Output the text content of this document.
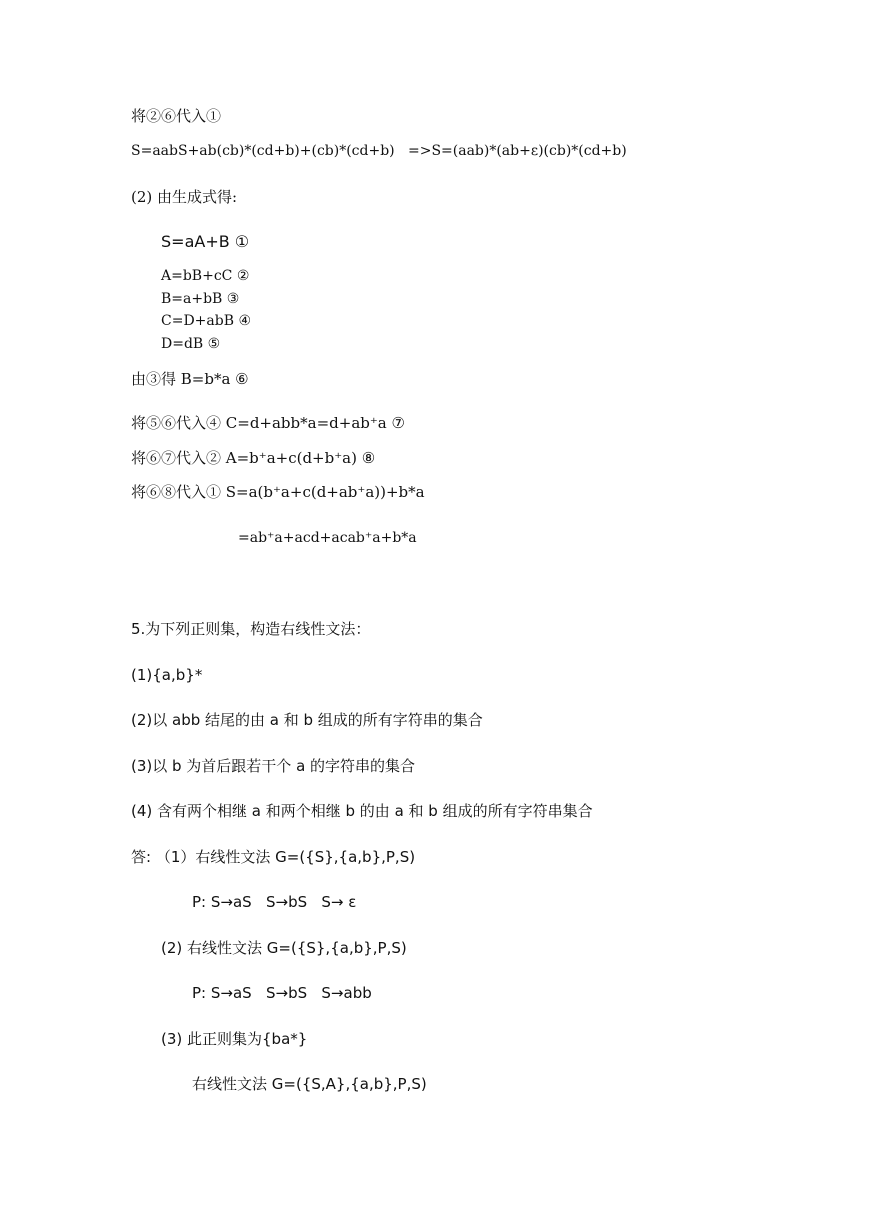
将②⑥代入①
S=aabS+ab(cb)*(cd+b)+(cb)*(cd+b)   =>S=(aab)*(ab+ε)(cb)*(cd+b)
(2) 由生成式得:
S=aA+B ①
A=bB+cC ②
B=a+bB ③
C=D+abB ④
D=dB ⑤
由③得 B=b*a ⑥
将⑤⑥代入④ C=d+abb*a=d+ab⁺a ⑦
将⑥⑦代入② A=b⁺a+c(d+b⁺a) ⑧
将⑥⑧代入① S=a(b⁺a+c(d+ab⁺a))+b*a
=ab⁺a+acd+acab⁺a+b*a
5.为下列正则集，构造右线性文法：
(1){a,b}*
(2)以 abb 结尾的由 a 和 b 组成的所有字符串的集合
(3)以 b 为首后跟若干个 a 的字符串的集合
(4) 含有两个相继 a 和两个相继 b 的由 a 和 b 组成的所有字符串集合
答: （1）右线性文法 G=({S},{a,b},P,S)
P: S→aS   S→bS   S→ ε
(2) 右线性文法 G=({S},{a,b},P,S)
P: S→aS   S→bS   S→abb
(3) 此正则集为{ba*}
右线性文法 G=({S,A},{a,b},P,S)
